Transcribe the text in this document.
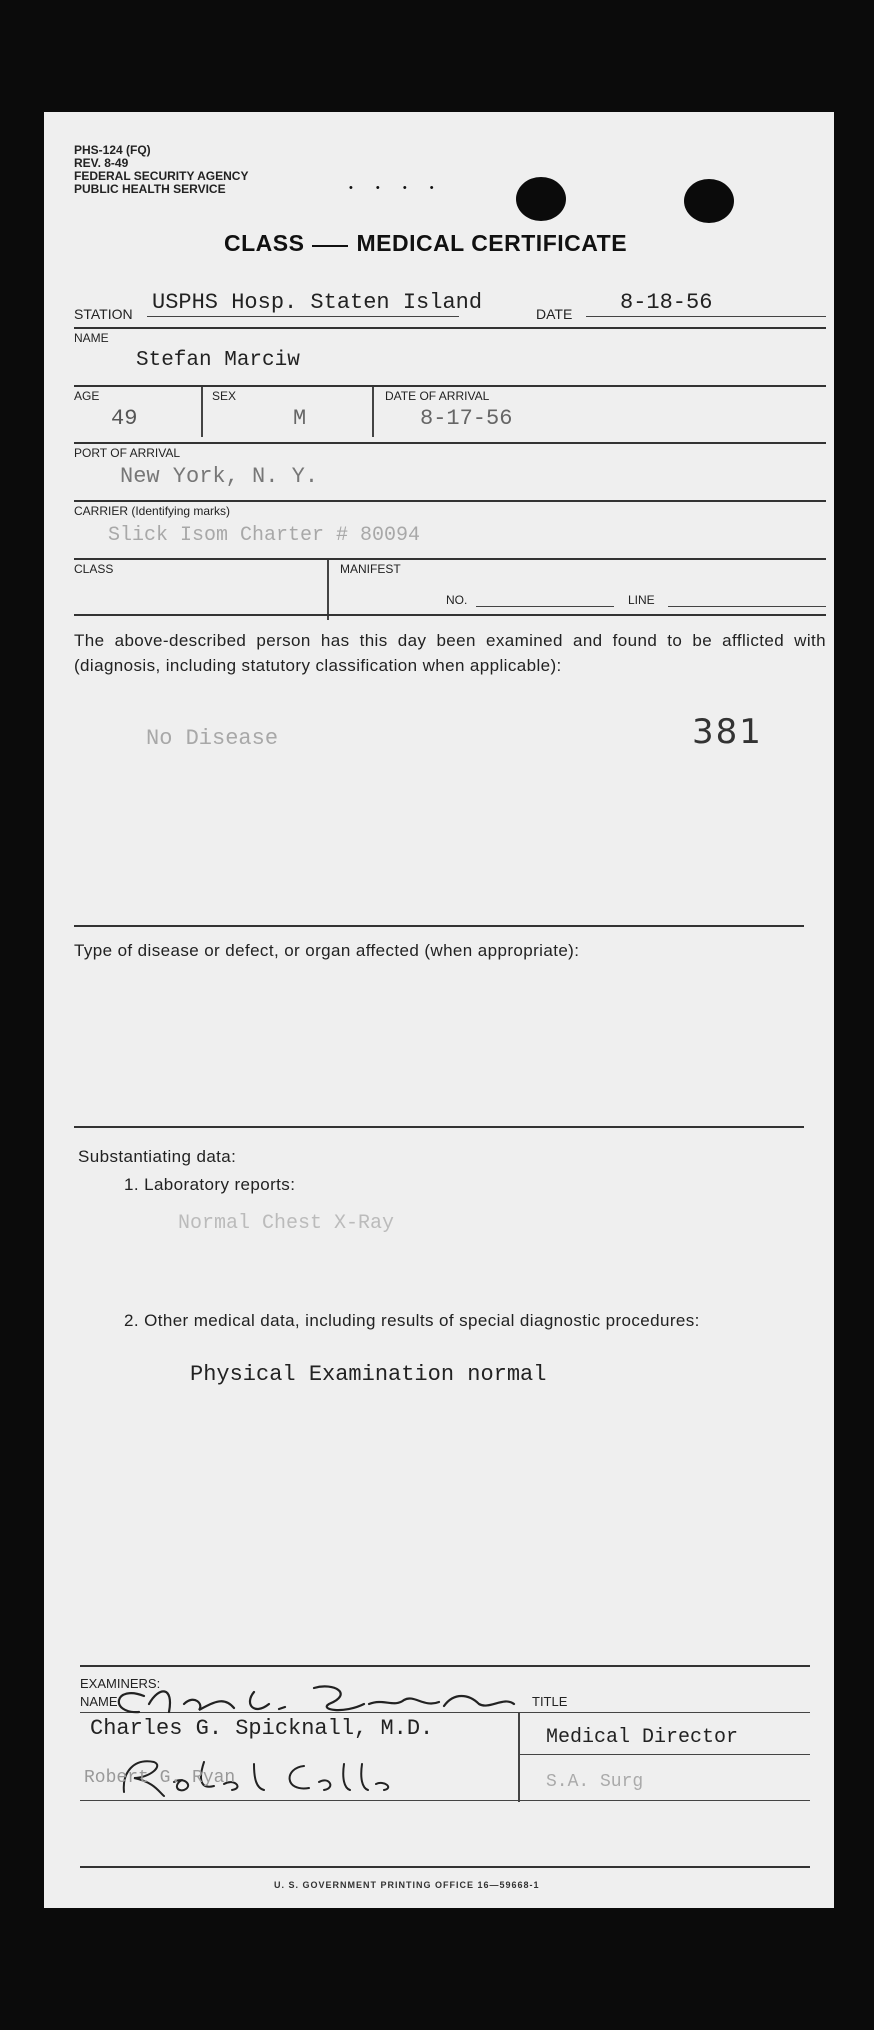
PHS-124 (FQ)
REV. 8-49
FEDERAL SECURITY AGENCY
PUBLIC HEALTH SERVICE	• • • •
CLASS MEDICAL CERTIFICATE
STATION USPHS Hosp. Staten Island	DATE 8-18-56
NAME
Stefan Marciw
AGE
49
SEX
M
DATE OF ARRIVAL
8-17-56
PORT OF ARRIVAL
New York, N. Y.
CARRIER (Identifying marks)
Slick Isom Charter # 80094
CLASS	MANIFEST
NO.	LINE
The above-described person has this day been examined and found to be afflicted with (diagnosis, including statutory classification when applicable):
No Disease	381
Type of disease or defect, or organ affected (when appropriate):
Substantiating data:
1. Laboratory reports:
Normal Chest X-Ray
2. Other medical data, including results of special diagnostic procedures:
Physical Examination normal
EXAMINERS:
NAME	TITLE
Charles G. Spicknall, M.D.	Medical Director
Robert G. Ryan	S.A. Surg
U. S. GOVERNMENT PRINTING OFFICE 16—59668-1
